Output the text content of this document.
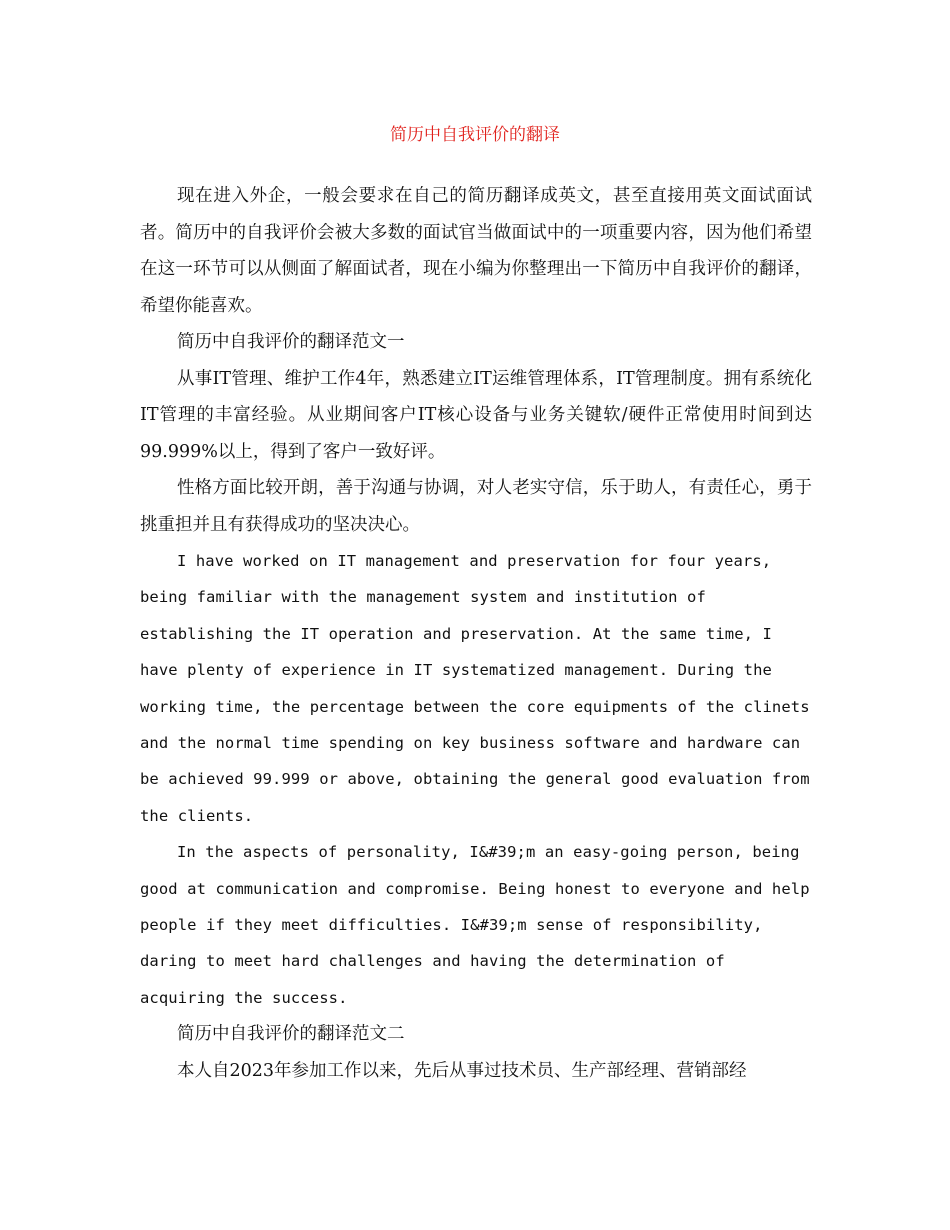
简历中自我评价的翻译

现在进入外企，一般会要求在自己的简历翻译成英文，甚至直接用英文面试面试者。简历中的自我评价会被大多数的面试官当做面试中的一项重要内容，因为他们希望在这一环节可以从侧面了解面试者，现在小编为你整理出一下简历中自我评价的翻译，希望你能喜欢。

简历中自我评价的翻译范文一

从事IT管理、维护工作4年，熟悉建立IT运维管理体系，IT管理制度。拥有系统化IT管理的丰富经验。从业期间客户IT核心设备与业务关键软/硬件正常使用时间到达99.999%以上，得到了客户一致好评。

性格方面比较开朗，善于沟通与协调，对人老实守信，乐于助人，有责任心，勇于挑重担并且有获得成功的坚决决心。

I have worked on IT management and preservation for four years, being familiar with the management system and institution of establishing the IT operation and preservation. At the same time, I have plenty of experience in IT systematized management. During the working time, the percentage between the core equipments of the clinets and the normal time spending on key business software and hardware can be achieved 99.999 or above, obtaining the general good evaluation from the clients.

In the aspects of personality, I&#39;m an easy-going person, being good at communication and compromise. Being honest to everyone and help people if they meet difficulties. I&#39;m sense of responsibility, daring to meet hard challenges and having the determination of acquiring the success.

简历中自我评价的翻译范文二

本人自2023年参加工作以来，先后从事过技术员、生产部经理、营销部经
